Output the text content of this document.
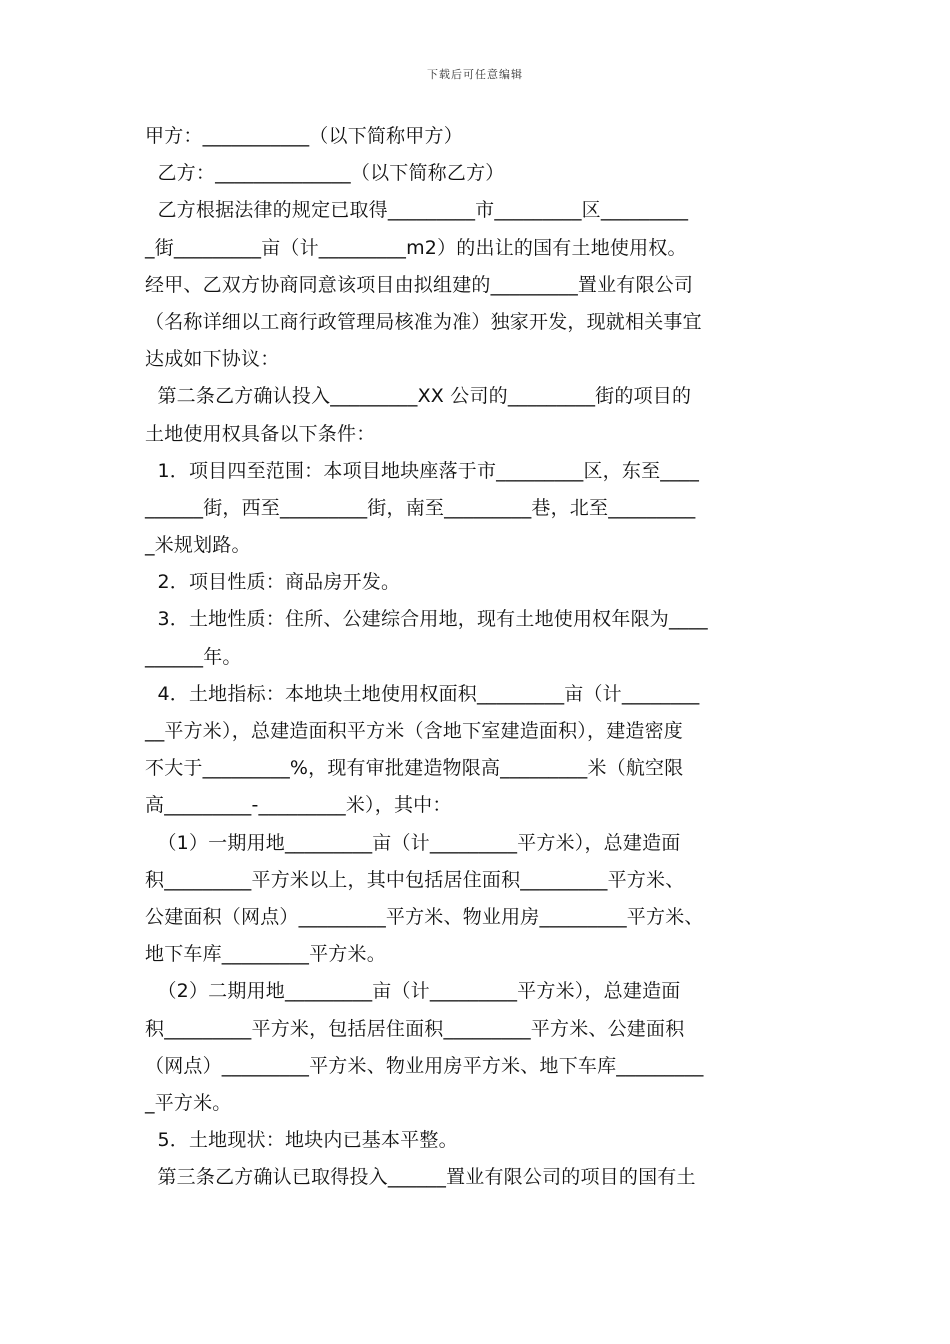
下载后可任意编辑
甲方：___________（以下简称甲方）
乙方：______________（以下简称乙方）
乙方根据法律的规定已取得_________市_________区_________
_街_________亩（计_________m2）的出让的国有土地使用权。
经甲、乙双方协商同意该项目由拟组建的_________置业有限公司
（名称详细以工商行政管理局核准为准）独家开发，现就相关事宜
达成如下协议：
第二条乙方确认投入_________XX 公司的_________街的项目的
土地使用权具备以下条件：
1．项目四至范围：本项目地块座落于市_________区，东至____
______街，西至_________街，南至_________巷，北至_________
_米规划路。
2．项目性质：商品房开发。
3．土地性质：住所、公建综合用地，现有土地使用权年限为____
______年。
4．土地指标：本地块土地使用权面积_________亩（计________
__平方米），总建造面积平方米（含地下室建造面积），建造密度
不大于_________%，现有审批建造物限高_________米（航空限
高_________-_________米），其中：
（1）一期用地_________亩（计_________平方米），总建造面
积_________平方米以上，其中包括居住面积_________平方米、
公建面积（网点）_________平方米、物业用房_________平方米、
地下车库_________平方米。
（2）二期用地_________亩（计_________平方米），总建造面
积_________平方米，包括居住面积_________平方米、公建面积
（网点）_________平方米、物业用房平方米、地下车库_________
_平方米。
5．土地现状：地块内已基本平整。
第三条乙方确认已取得投入______置业有限公司的项目的国有土
